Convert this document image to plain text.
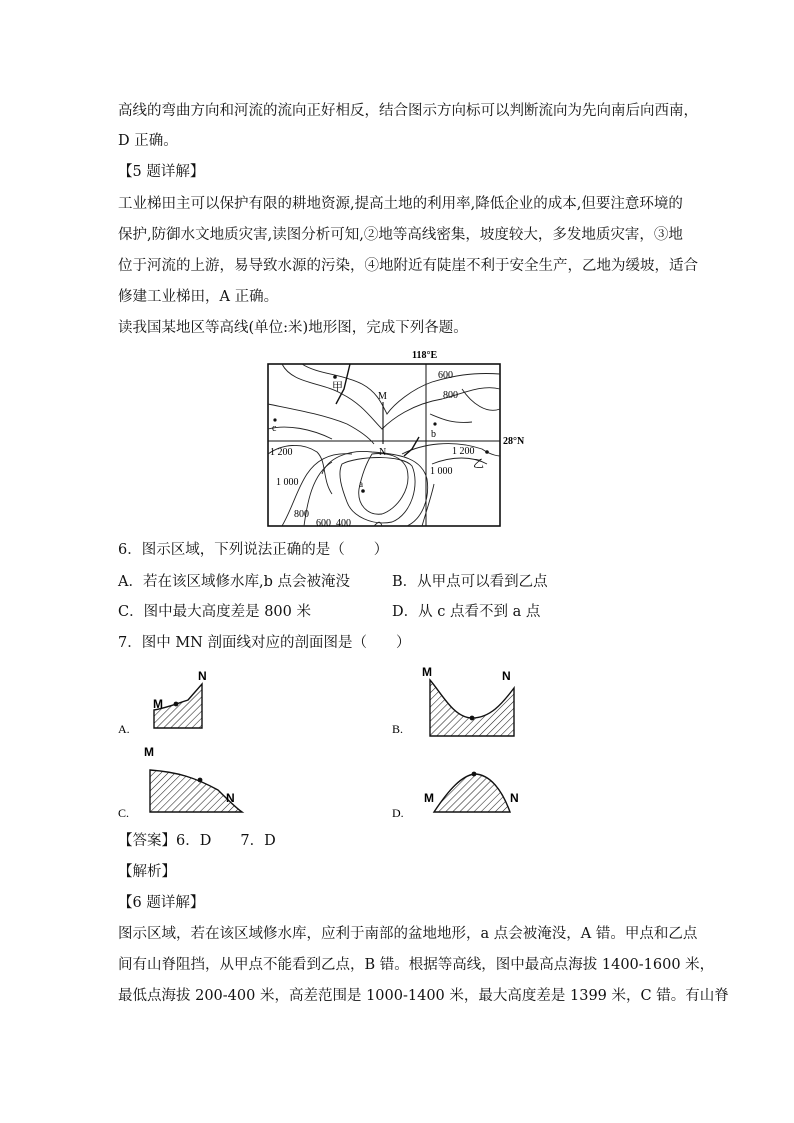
高线的弯曲方向和河流的流向正好相反，结合图示方向标可以判断流向为先向南后向西南，
D 正确。
【5 题详解】
工业梯田主可以保护有限的耕地资源,提高土地的利用率,降低企业的成本,但要注意环境的
保护,防御水文地质灾害,读图分析可知,②地等高线密集，坡度较大，多发地质灾害，③地
位于河流的上游，易导致水源的污染，④地附近有陡崖不利于安全生产，乙地为缓坡，适合
修建工业梯田，A 正确。
读我国某地区等高线(单位:米)地形图，完成下列各题。
118°E
28°N
甲
M
N
c
b
a
乙
600
800
1 200	1 200
1 000
1 000
800
600 400
6．图示区域，下列说法正确的是（　　）
A．若在该区域修水库,b 点会被淹没	B．从甲点可以看到乙点
C．图中最大高度差是 800 米	D．从 c 点看不到 a 点
7．图中 MN 剖面线对应的剖面图是（　　）
M
N
A.
M
N
C.
M	N
B.
M	N
D.
【答案】6．D　　7．D
【解析】
【6 题详解】
图示区域，若在该区域修水库，应利于南部的盆地地形，a 点会被淹没，A 错。甲点和乙点
间有山脊阻挡，从甲点不能看到乙点，B 错。根据等高线，图中最高点海拔 1400-1600 米，
最低点海拔 200-400 米，高差范围是 1000-1400 米，最大高度差是 1399 米，C 错。有山脊
